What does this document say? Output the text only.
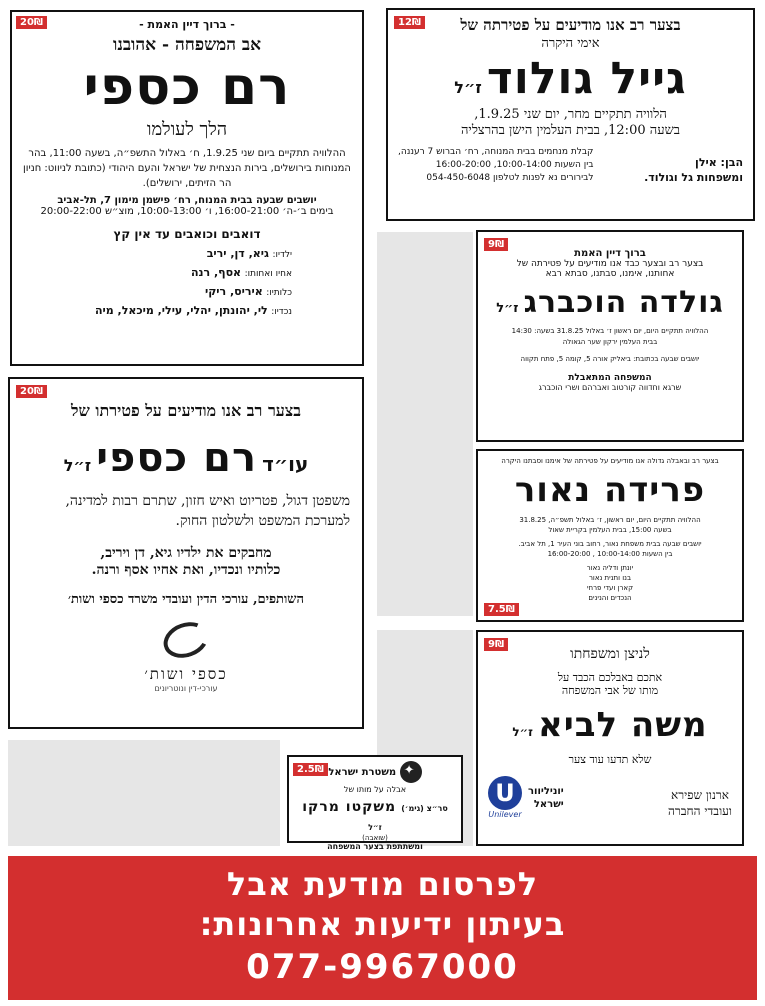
20₪	- ברוך דיין האמת -
אב המשפחה - אהובנו
רם כספי
הלך לעולמו
ההלוויה תתקיים ביום שני 1.9.25, ח׳ באלול התשפ״ה, בשעה 11:00, בהר המנוחות בירושלים, בירות הנצחית של ישראל והעם היהודי (כתובת לניווט: חניון הר הזיתים, ירושלים).
יושבים שבעה בבית המנוח, רח׳ פישמן מימון 7, תל-אביב
בימים ב׳-ה׳ 16:00-21:00, ו׳ 10:00-13:00, מוצ״ש 20:00-22:00
דואבים וכואבים עד אין קץ
ילדיו: גיא, דן, יריב
אחיו ואחותו: אסף, רנה
כלותיו: איריס, ריקי
נכדיו: לי, יהונתן, יהלי, עילי, מיכאל, מיה
12₪	בצער רב אנו מודיעים על פטירתה של
אימי היקרה
גייל גולוד ז״ל
הלוויה תתקיים מחר, יום שני 1.9.25,
בשעה 12:00, בבית העלמין הישן בהרצליה
הבן: אילן
ומשפחות גל וגולוד.
קבלת מנחמים בבית המנוחה, רח׳ הברוש 7 רעננה,
בין השעות 10:00-14:00, 16:00-20:00
לבירורים נא לפנות לטלפון 054-450-6048
9₪
ברוך דיין האמת
בצער רב ובצער כבד אנו מודיעים על פטירתה של
אחותנו, אימנו, סבתנו, סבתא רבא
גולדה הוכברג ז״ל
ההלוויה תתקיים היום, יום ראשון ז׳ באלול 31.8.25 בשעה: 14:30
בבית העלמין ירקון שער הגאולה
יושבים שבעה בכתובת: ביאליק אורה 5, קומה 5, פתח תקווה
המשפחה המתאבלת
שרגא וחדווה קורטוב ואברהם ושרי הוכברג
בצער רב ובאבלה גדולה אנו מודיעים על פטירתה של אימנו וסבתנו היקרה
פרידה נאור
ההלוויה תתקיים היום, יום ראשון, ז׳ באלול תשפ״ה, 31.8.25
בשעה 15:00, בבית העלמין בקריית שאול
יושבים שבעה בבית משפחת נאור, רחוב בוני העיר 1, תל אביב.
בין השעות 10:00-14:00 , 16:00-20:00
יונתן ודליה נאור
בנו ותנית נאור
קארן ועדי פרחי
הנכדים והנינים
7.5₪
20₪
בצער רב אנו מודיעים על פטירתו של
עו״ד רם כספי ז״ל
משפטן דגול, פטריוט ואיש חזון, שתרם רבות למדינה, למערכת המשפט ולשלטון החוק.
מחבקים את ילדיו גיא, דן ויריב,
כלותיו ונכדיו, ואת אחיו אסף ורנה.
השותפים, עורכי הדין ועובדי משרד כספי ושות׳
כספי ושות׳
עורכי-דין ונוטריונים
9₪
לניצן ומשפחתו
אתכם באבלכם הכבד על
מותו של אבי המשפחה
משה לביא ז״ל
שלא תדעו עוד צער
ארנון שפירא
ועובדי החברה
U
Unilever
יוניליוור
ישראל
2.5₪
✦ משטרת ישראל
אבלה על מותו של
סר״צ (גימ׳) משקטו מרקו ז״ל
(שואבה)
ומשתתפת בצער המשפחה
לפרסום מודעת אבל
בעיתון ידיעות אחרונות:
077-9967000
